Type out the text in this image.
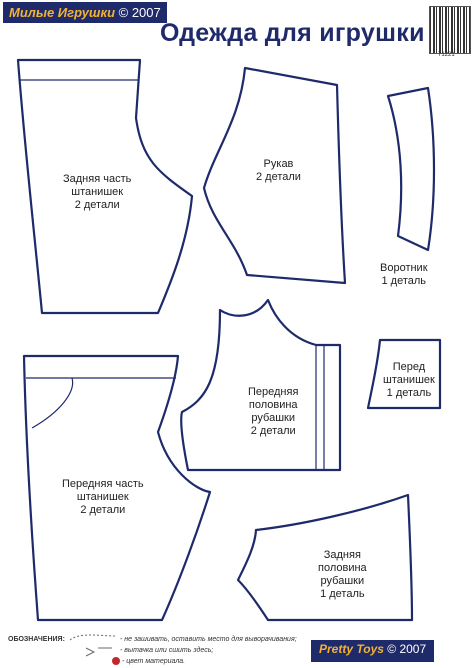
Милые Игрушки © 2007
Одежда для игрушки
71221
Задняя часть
штанишек
2 детали
Рукав
2 детали
Воротник
1 деталь
Передняя
половина
рубашки
2 детали
Перед
штанишек
1 деталь
Передняя часть
штанишек
2 детали
Задняя
половина
рубашки
1 деталь
ОБОЗНАЧЕНИЯ:	- не зашивать, оставить место для выворачивания;
- вытачка или сшить здесь;
- цвет материала.
Pretty Toys © 2007
